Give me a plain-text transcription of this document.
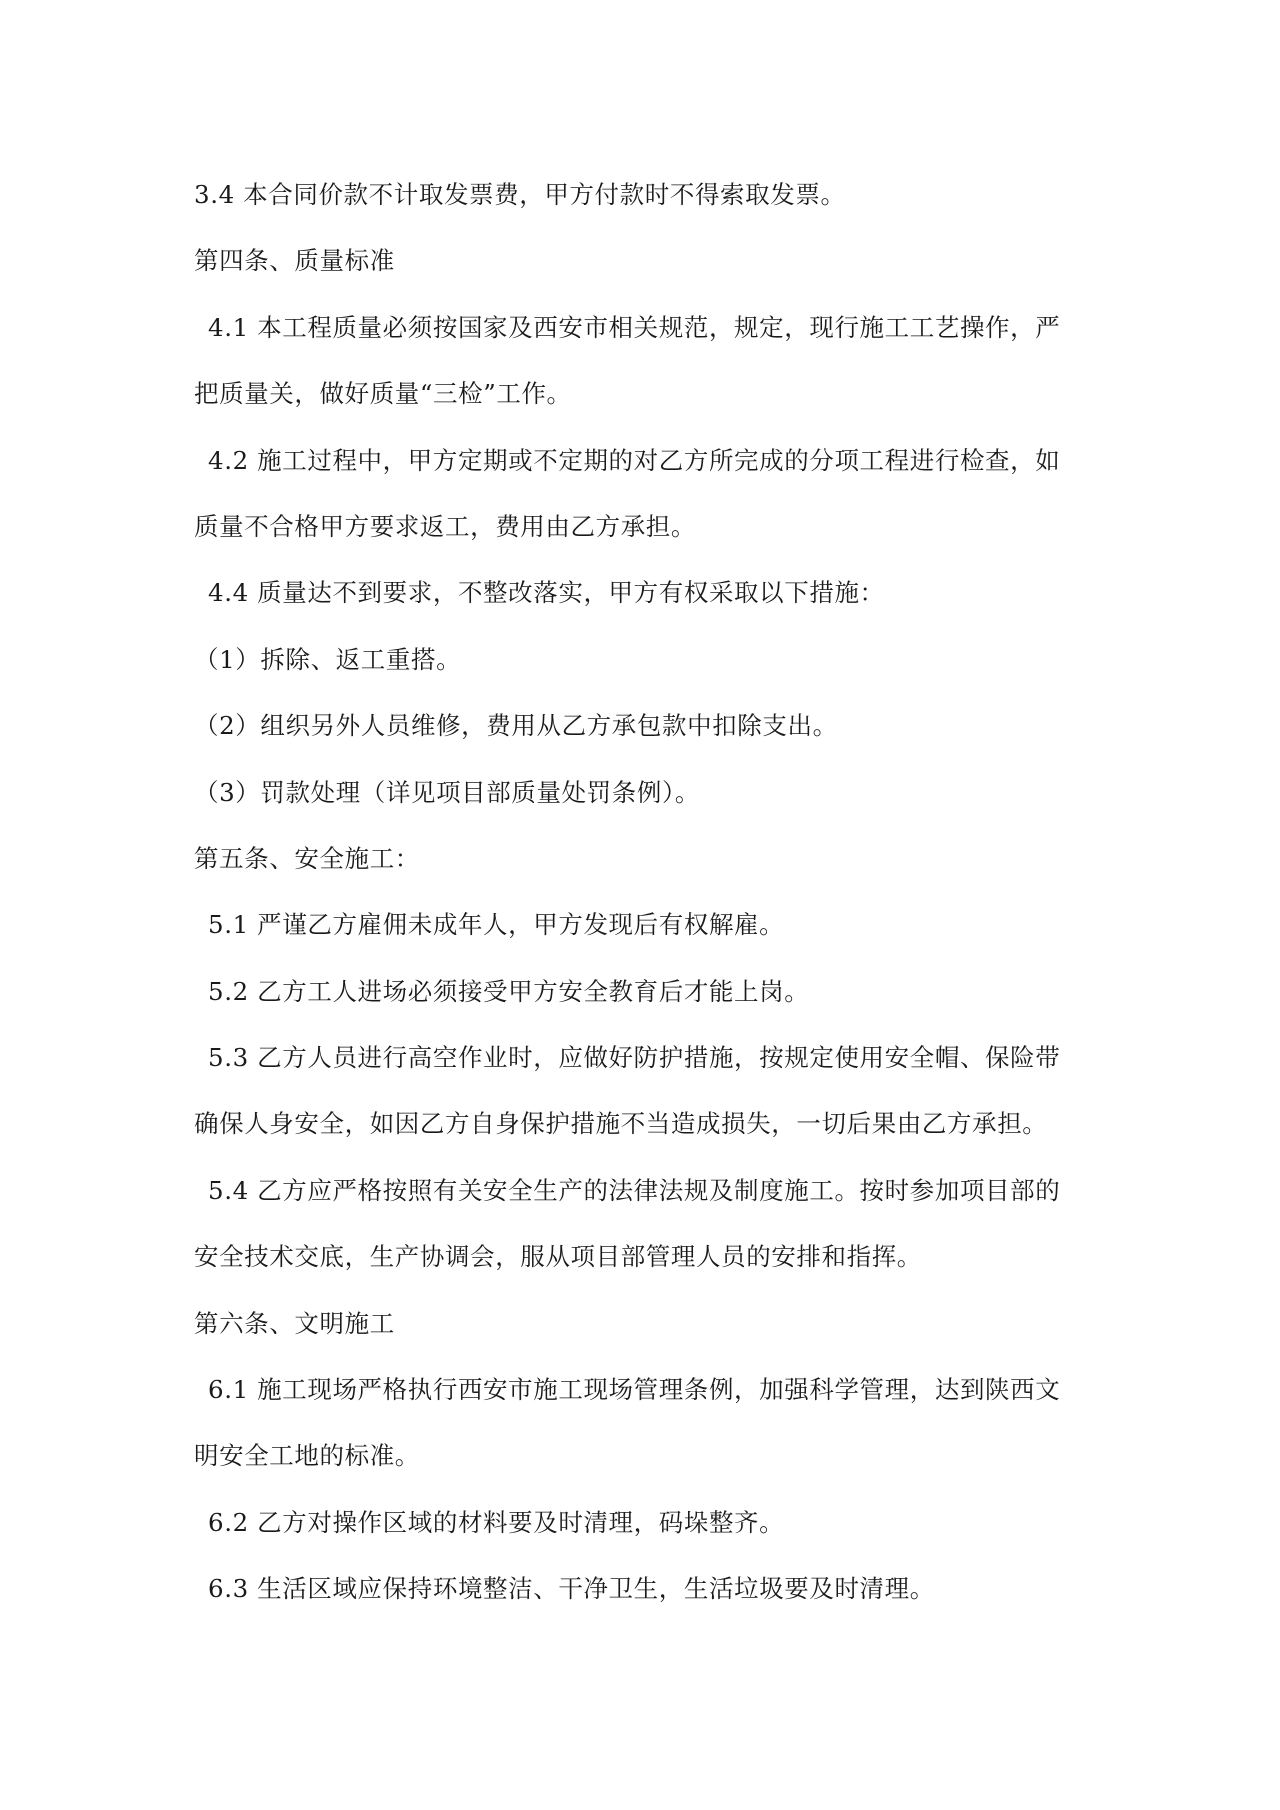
3.4 本合同价款不计取发票费，甲方付款时不得索取发票。
第四条、质量标准
4.1 本工程质量必须按国家及西安市相关规范，规定，现行施工工艺操作，严
把质量关，做好质量“三检”工作。
4.2 施工过程中，甲方定期或不定期的对乙方所完成的分项工程进行检查，如
质量不合格甲方要求返工，费用由乙方承担。
4.4 质量达不到要求，不整改落实，甲方有权采取以下措施：
（1）拆除、返工重搭。
（2）组织另外人员维修，费用从乙方承包款中扣除支出。
（3）罚款处理（详见项目部质量处罚条例）。
第五条、安全施工：
5.1 严谨乙方雇佣未成年人，甲方发现后有权解雇。
5.2 乙方工人进场必须接受甲方安全教育后才能上岗。
5.3 乙方人员进行高空作业时，应做好防护措施，按规定使用安全帽、保险带
确保人身安全，如因乙方自身保护措施不当造成损失，一切后果由乙方承担。
5.4 乙方应严格按照有关安全生产的法律法规及制度施工。按时参加项目部的
安全技术交底，生产协调会，服从项目部管理人员的安排和指挥。
第六条、文明施工
6.1 施工现场严格执行西安市施工现场管理条例，加强科学管理，达到陕西文
明安全工地的标准。
6.2 乙方对操作区域的材料要及时清理，码垛整齐。
6.3 生活区域应保持环境整洁、干净卫生，生活垃圾要及时清理。
